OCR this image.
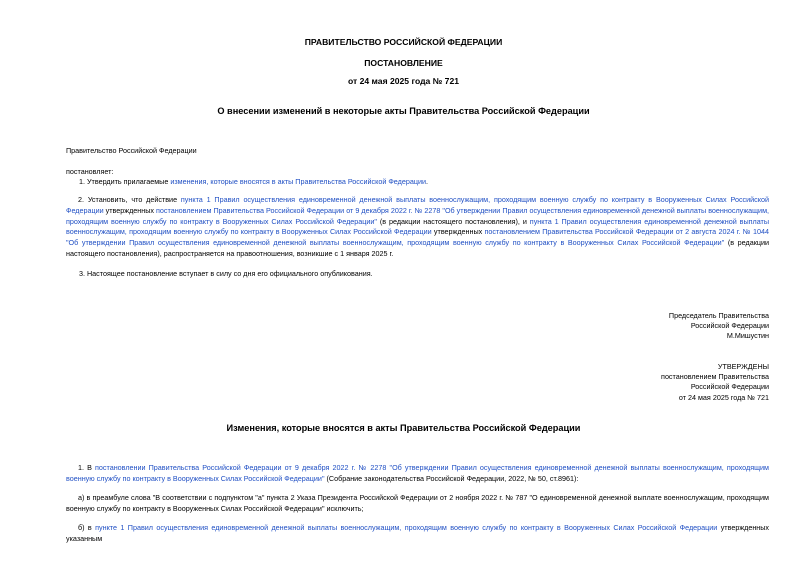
ПРАВИТЕЛЬСТВО РОССИЙСКОЙ ФЕДЕРАЦИИ
ПОСТАНОВЛЕНИЕ
от 24 мая 2025 года № 721
О внесении изменений в некоторые акты Правительства Российской Федерации
Правительство Российской Федерации
постановляет:
1. Утвердить прилагаемые изменения, которые вносятся в акты Правительства Российской Федерации.
2. Установить, что действие пункта 1 Правил осуществления единовременной денежной выплаты военнослужащим, проходящим военную службу по контракту в Вооруженных Силах Российской Федерации утвержденных постановлением Правительства Российской Федерации от 9 декабря 2022 г. № 2278 "Об утверждении Правил осуществления единовременной денежной выплаты военнослужащим, проходящим военную службу по контракту в Вооруженных Силах Российской Федерации" (в редакции настоящего постановления), и пункта 1 Правил осуществления единовременной денежной выплаты военнослужащим, проходящим военную службу по контракту в Вооруженных Силах Российской Федерации утвержденных постановлением Правительства Российской Федерации от 2 августа 2024 г. № 1044 "Об утверждении Правил осуществления единовременной денежной выплаты военнослужащим, проходящим военную службу по контракту в Вооруженных Силах Российской Федерации" (в редакции настоящего постановления), распространяется на правоотношения, возникшие с 1 января 2025 г.
3. Настоящее постановление вступает в силу со дня его официального опубликования.
Председатель Правительства
Российской Федерации
М.Мишустин
УТВЕРЖДЕНЫ
постановлением Правительства
Российской Федерации
от 24 мая 2025 года № 721
Изменения, которые вносятся в акты Правительства Российской Федерации
1. В постановлении Правительства Российской Федерации от 9 декабря 2022 г. № 2278 "Об утверждении Правил осуществления единовременной денежной выплаты военнослужащим, проходящим военную службу по контракту в Вооруженных Силах Российской Федерации" (Собрание законодательства Российской Федерации, 2022, № 50, ст.8961):
а) в преамбуле слова "В соответствии с подпунктом "а" пункта 2 Указа Президента Российской Федерации от 2 ноября 2022 г. № 787 "О единовременной денежной выплате военнослужащим, проходящим военную службу по контракту в Вооруженных Силах Российской Федерации" исключить;
б) в пункте 1 Правил осуществления единовременной денежной выплаты военнослужащим, проходящим военную службу по контракту в Вооруженных Силах Российской Федерации утвержденных указанным
